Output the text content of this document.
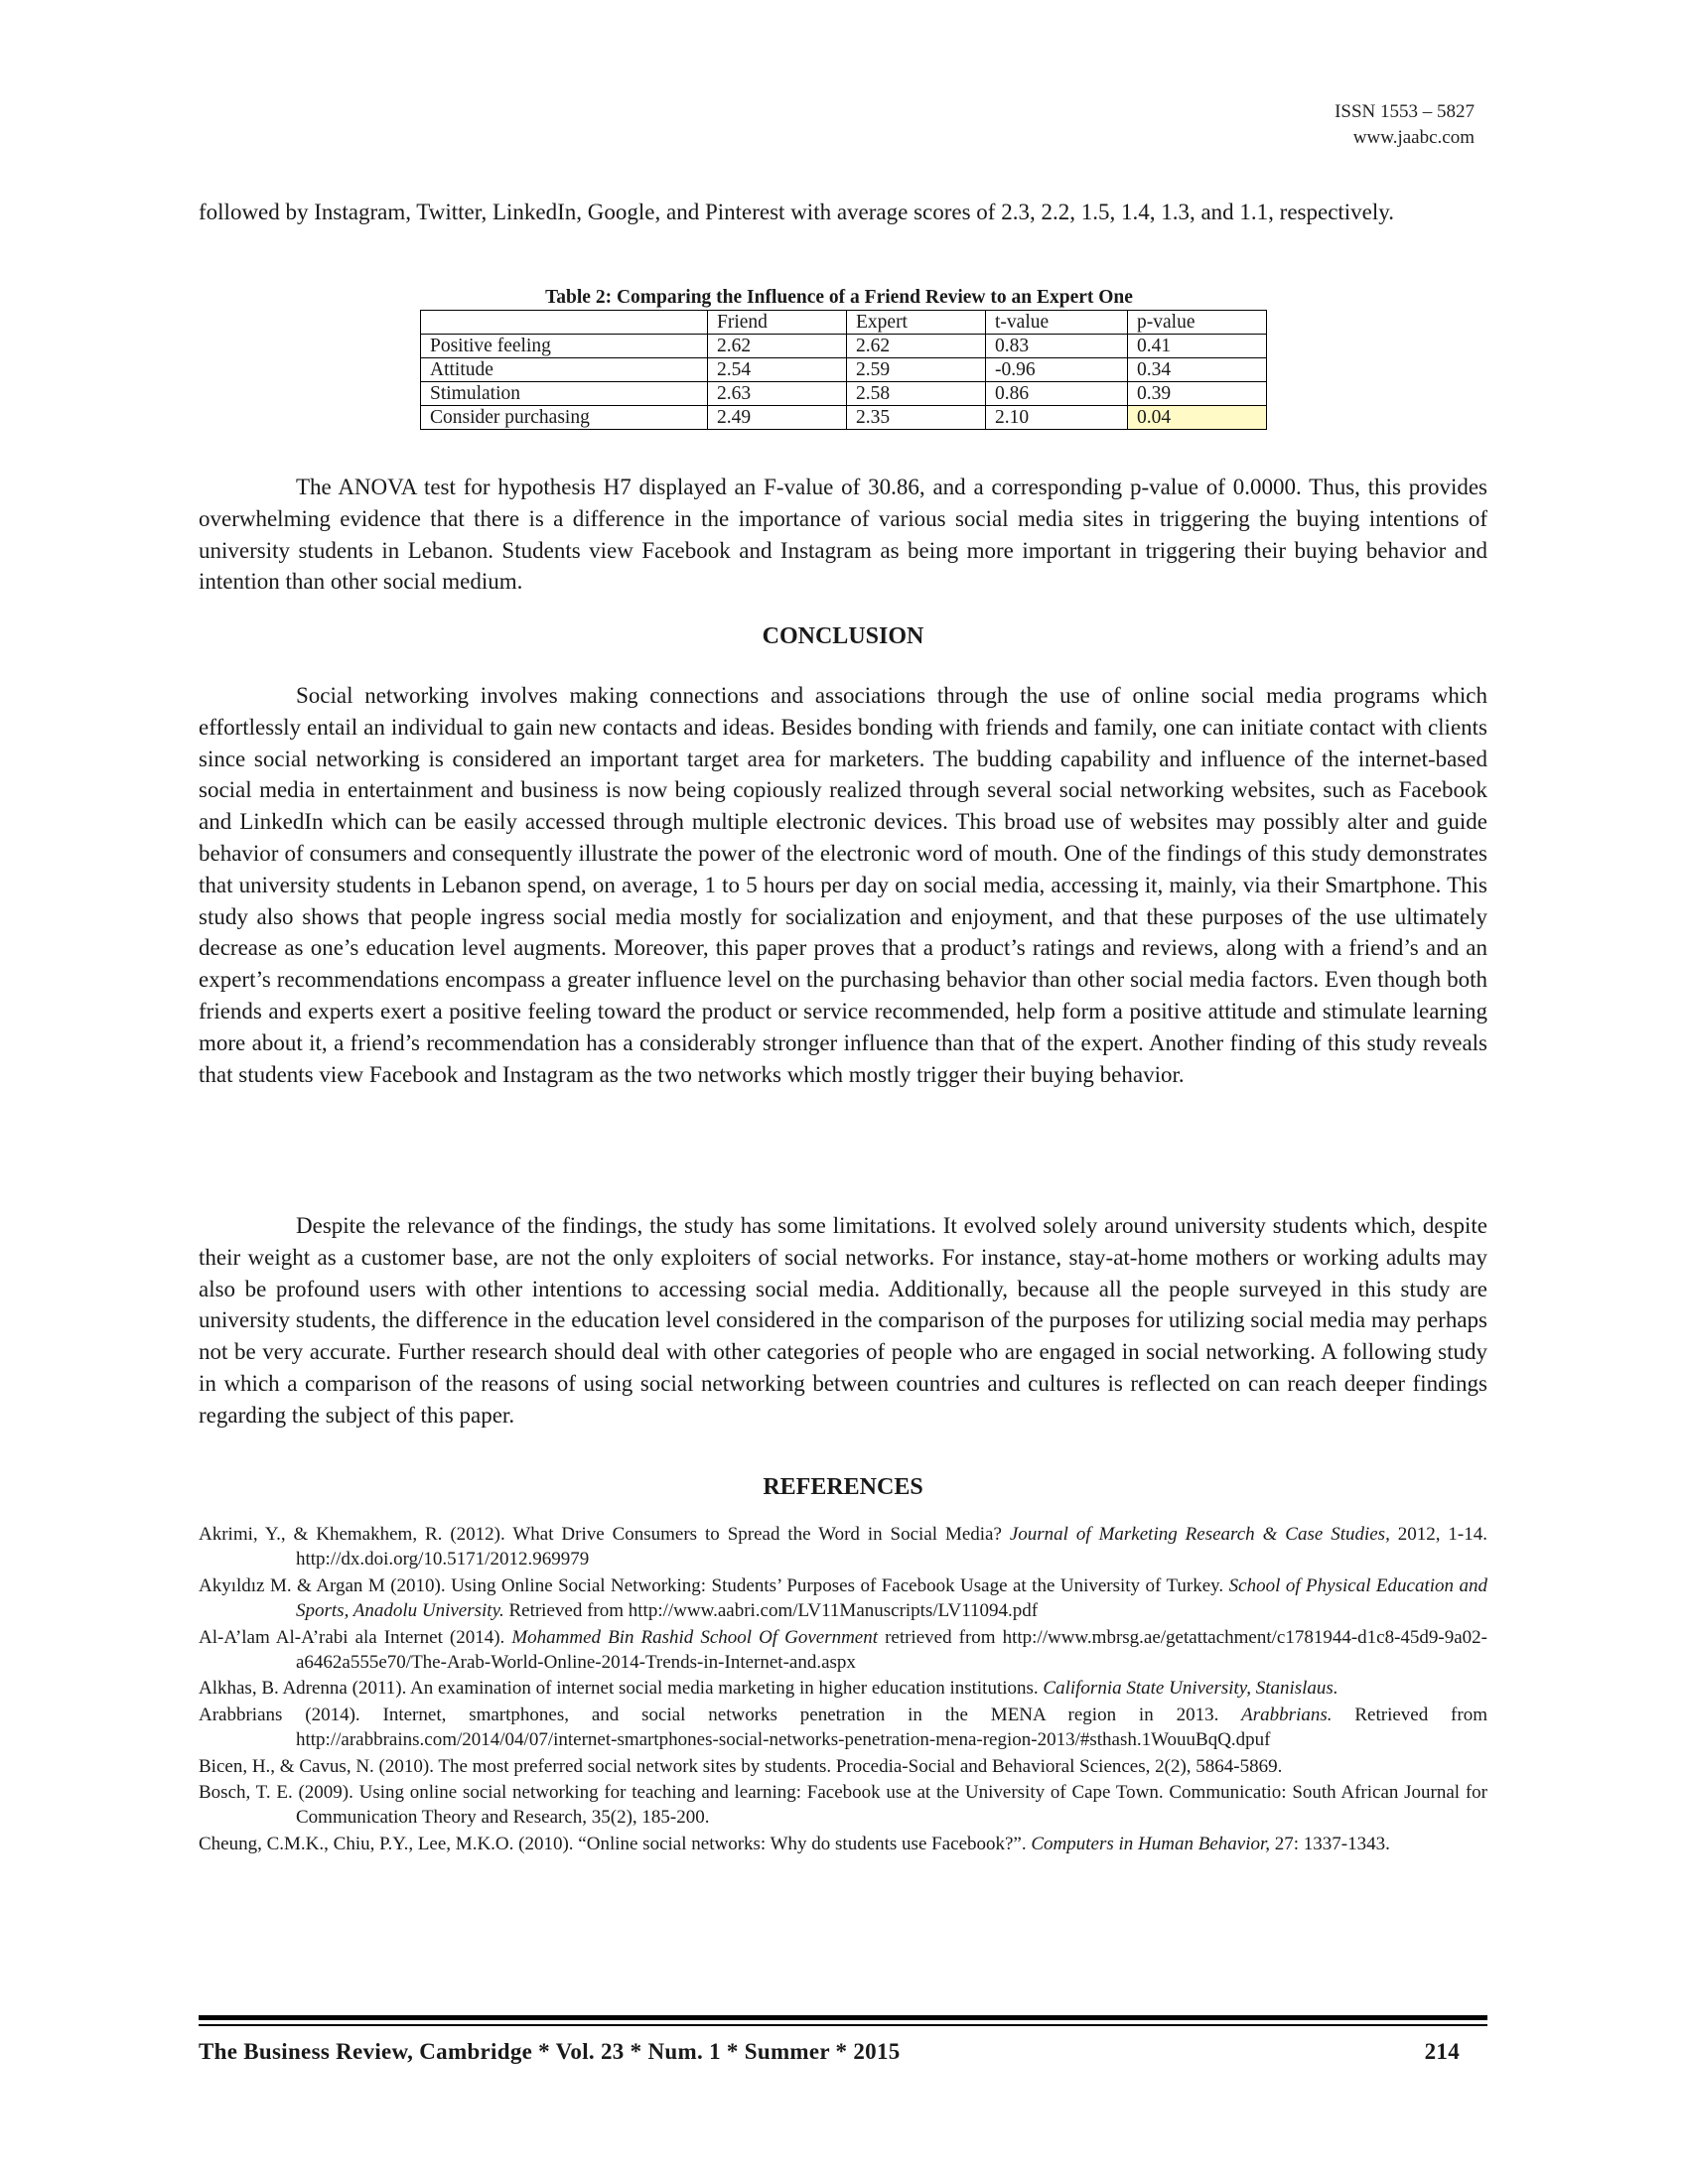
ISSN 1553 – 5827
www.jaabc.com

followed by Instagram, Twitter, LinkedIn, Google, and Pinterest with average scores of 2.3, 2.2, 1.5, 1.4, 1.3, and 1.1, respectively.

Table 2: Comparing the Influence of a Friend Review to an Expert One
	Friend	Expert	t-value	p-value
Positive feeling	2.62	2.62	0.83	0.41
Attitude	2.54	2.59	-0.96	0.34
Stimulation	2.63	2.58	0.86	0.39
Consider purchasing	2.49	2.35	2.10	0.04

The ANOVA test for hypothesis H7 displayed an F-value of 30.86, and a corresponding p-value of 0.0000. Thus, this provides overwhelming evidence that there is a difference in the importance of various social media sites in triggering the buying intentions of university students in Lebanon. Students view Facebook and Instagram as being more important in triggering their buying behavior and intention than other social medium.

CONCLUSION

Social networking involves making connections and associations through the use of online social media programs which effortlessly entail an individual to gain new contacts and ideas. Besides bonding with friends and family, one can initiate contact with clients since social networking is considered an important target area for marketers. The budding capability and influence of the internet-based social media in entertainment and business is now being copiously realized through several social networking websites, such as Facebook and LinkedIn which can be easily accessed through multiple electronic devices. This broad use of websites may possibly alter and guide behavior of consumers and consequently illustrate the power of the electronic word of mouth. One of the findings of this study demonstrates that university students in Lebanon spend, on average, 1 to 5 hours per day on social media, accessing it, mainly, via their Smartphone. This study also shows that people ingress social media mostly for socialization and enjoyment, and that these purposes of the use ultimately decrease as one’s education level augments. Moreover, this paper proves that a product’s ratings and reviews, along with a friend’s and an expert’s recommendations encompass a greater influence level on the purchasing behavior than other social media factors. Even though both friends and experts exert a positive feeling toward the product or service recommended, help form a positive attitude and stimulate learning more about it, a friend’s recommendation has a considerably stronger influence than that of the expert. Another finding of this study reveals that students view Facebook and Instagram as the two networks which mostly trigger their buying behavior.

Despite the relevance of the findings, the study has some limitations. It evolved solely around university students which, despite their weight as a customer base, are not the only exploiters of social networks. For instance, stay-at-home mothers or working adults may also be profound users with other intentions to accessing social media. Additionally, because all the people surveyed in this study are university students, the difference in the education level considered in the comparison of the purposes for utilizing social media may perhaps not be very accurate. Further research should deal with other categories of people who are engaged in social networking. A following study in which a comparison of the reasons of using social networking between countries and cultures is reflected on can reach deeper findings regarding the subject of this paper.

REFERENCES

Akrimi, Y., & Khemakhem, R. (2012). What Drive Consumers to Spread the Word in Social Media? Journal of Marketing Research & Case Studies, 2012, 1-14. http://dx.doi.org/10.5171/2012.969979

Akyıldız M. & Argan M (2010). Using Online Social Networking: Students’ Purposes of Facebook Usage at the University of Turkey. School of Physical Education and Sports, Anadolu University. Retrieved from http://www.aabri.com/LV11Manuscripts/LV11094.pdf

Al-A’lam Al-A’rabi ala Internet (2014). Mohammed Bin Rashid School Of Government retrieved from http://www.mbrsg.ae/getattachment/c1781944-d1c8-45d9-9a02-a6462a555e70/The-Arab-World-Online-2014-Trends-in-Internet-and.aspx

Alkhas, B. Adrenna (2011). An examination of internet social media marketing in higher education institutions. California State University, Stanislaus.

Arabbrians (2014). Internet, smartphones, and social networks penetration in the MENA region in 2013. Arabbrians. Retrieved from http://arabbrains.com/2014/04/07/internet-smartphones-social-networks-penetration-mena-region-2013/#sthash.1WouuBqQ.dpuf

Bicen, H., & Cavus, N. (2010). The most preferred social network sites by students. Procedia-Social and Behavioral Sciences, 2(2), 5864-5869.

Bosch, T. E. (2009). Using online social networking for teaching and learning: Facebook use at the University of Cape Town. Communicatio: South African Journal for Communication Theory and Research, 35(2), 185-200.

Cheung, C.M.K., Chiu, P.Y., Lee, M.K.O. (2010). “Online social networks: Why do students use Facebook?”. Computers in Human Behavior, 27: 1337-1343.

The Business Review, Cambridge * Vol. 23 * Num. 1 * Summer * 2015	214
